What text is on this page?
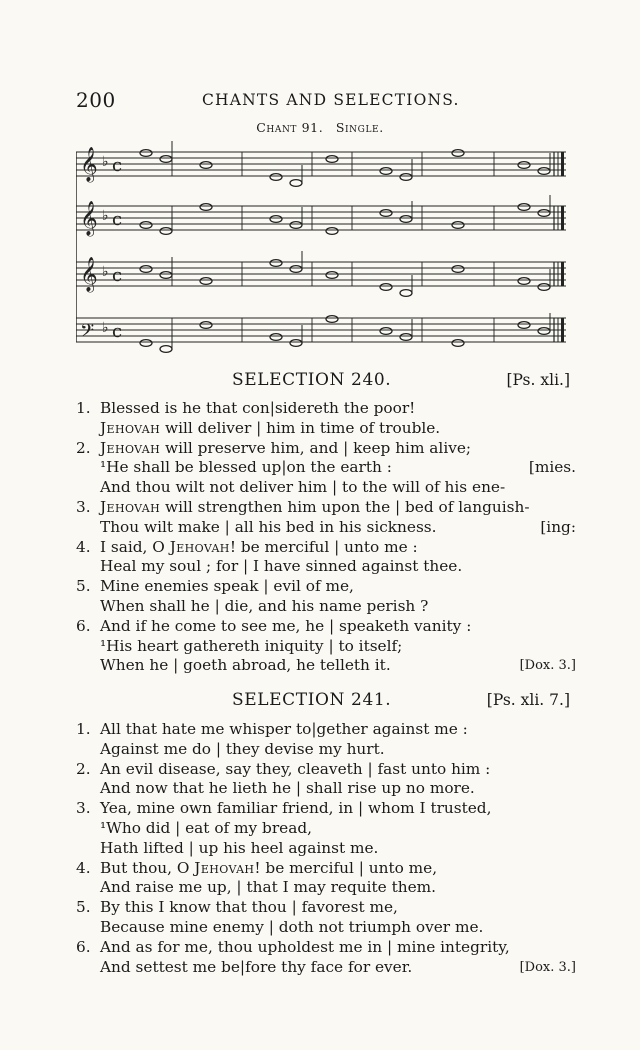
200	CHANTS AND SELECTIONS.
Chant 91. Single.
𝄞 ♭ c
𝄞 ♭ c
𝄞 ♭ c
𝄢 ♭ c
SELECTION 240.	[Ps. xli.]
1. Blessed is he that con|sidereth the poor!
Jehovah will deliver | him in time of trouble.
2. Jehovah will preserve him, and | keep him alive;
¹He shall be blessed up|on the earth :	[mies.
And thou wilt not deliver him | to the will of his ene-
3. Jehovah will strengthen him upon the | bed of languish-
Thou wilt make | all his bed in his sickness.	[ing:
4. I said, O Jehovah! be merciful | unto me :
Heal my soul ; for | I have sinned against thee.
5. Mine enemies speak | evil of me,
When shall he | die, and his name perish ?
6. And if he come to see me, he | speaketh vanity :
¹His heart gathereth iniquity | to itself;
When he | goeth abroad, he telleth it.	[Dox. 3.]
SELECTION 241.	[Ps. xli. 7.]
1. All that hate me whisper to|gether against me :
Against me do | they devise my hurt.
2. An evil disease, say they, cleaveth | fast unto him :
And now that he lieth he | shall rise up no more.
3. Yea, mine own familiar friend, in | whom I trusted,
¹Who did | eat of my bread,
Hath lifted | up his heel against me.
4. But thou, O Jehovah! be merciful | unto me,
And raise me up, | that I may requite them.
5. By this I know that thou | favorest me,
Because mine enemy | doth not triumph over me.
6. And as for me, thou upholdest me in | mine integrity,
And settest me be|fore thy face for ever.	[Dox. 3.]
